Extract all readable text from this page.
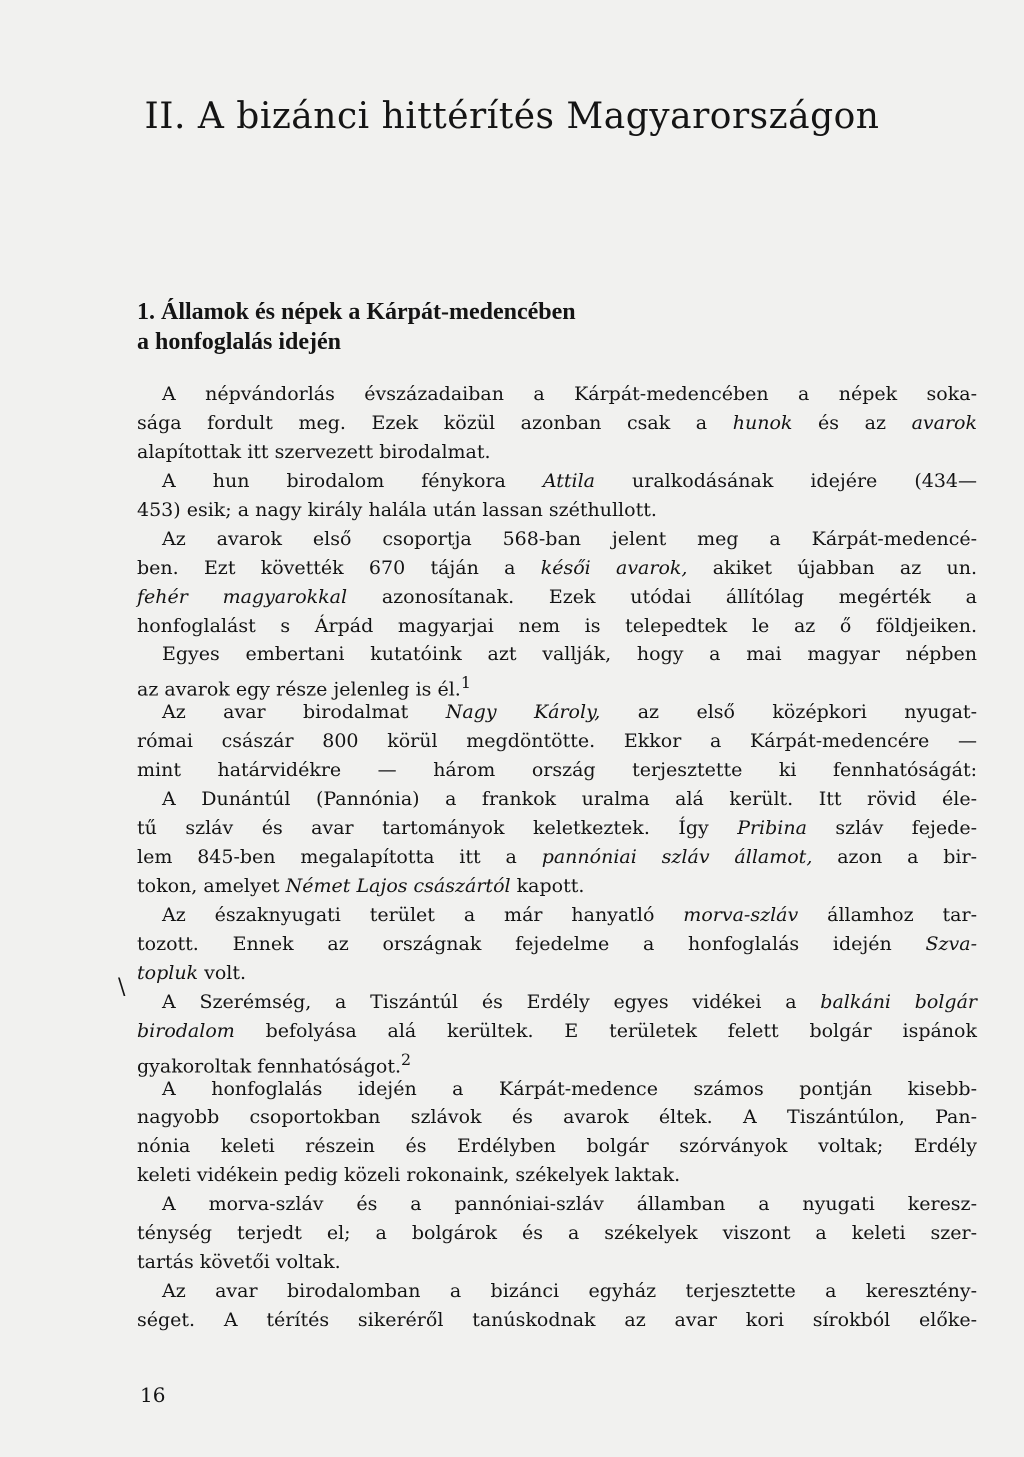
II. A bizánci hittérítés Magyarországon
1. Államok és népek a Kárpát-medencében
a honfoglalás idején
A népvándorlás évszázadaiban a Kárpát-medencében a népek soka-
sága fordult meg. Ezek közül azonban csak a hunok és az avarok
alapítottak itt szervezett birodalmat.
A hun birodalom fénykora Attila uralkodásának idejére (434—
453) esik; a nagy király halála után lassan széthullott.
Az avarok első csoportja 568-ban jelent meg a Kárpát-medencé-
ben. Ezt követték 670 táján a késői avarok, akiket újabban az un.
fehér magyarokkal azonosítanak. Ezek utódai állítólag megérték a
honfoglalást s Árpád magyarjai nem is telepedtek le az ő földjeiken.
Egyes embertani kutatóink azt vallják, hogy a mai magyar népben
az avarok egy része jelenleg is él.$^1$
Az avar birodalmat Nagy Károly, az első középkori nyugat-
római császár 800 körül megdöntötte. Ekkor a Kárpát-medencére —
mint határvidékre — három ország terjesztette ki fennhatóságát:
A Dunántúl (Pannónia) a frankok uralma alá került. Itt rövid éle-
tű szláv és avar tartományok keletkeztek. Így Pribina szláv fejede-
lem 845-ben megalapította itt a pannóniai szláv államot, azon a bir-
tokon, amelyet Német Lajos császártól kapott.
Az északnyugati terület a már hanyatló morva-szláv államhoz tar-
tozott. Ennek az országnak fejedelme a honfoglalás idején Szva-
topluk volt.
A Szerémség, a Tiszántúl és Erdély egyes vidékei a balkáni bolgár
birodalom befolyása alá kerültek. E területek felett bolgár ispánok
gyakoroltak fennhatóságot.$^2$
A honfoglalás idején a Kárpát-medence számos pontján kisebb-
nagyobb csoportokban szlávok és avarok éltek. A Tiszántúlon, Pan-
nónia keleti részein és Erdélyben bolgár szórványok voltak; Erdély
keleti vidékein pedig közeli rokonaink, székelyek laktak.
A morva-szláv és a pannóniai-szláv államban a nyugati keresz-
ténység terjedt el; a bolgárok és a székelyek viszont a keleti szer-
tartás követői voltak.
Az avar birodalomban a bizánci egyház terjesztette a keresztény-
séget. A térítés sikeréről tanúskodnak az avar kori sírokból előke-
\
16
